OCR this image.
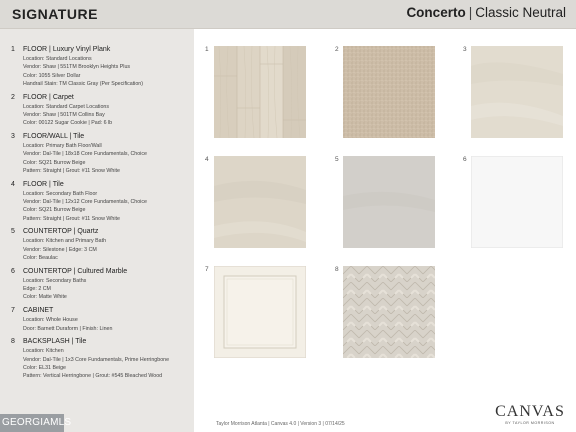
SIGNATURE	Concerto | Classic Neutral
1	FLOOR | Luxury Vinyl Plank
Location: Standard Locations
Vendor: Shaw | 551TM Brooklyn Heights Plus
Color: 1055 Silver Dollar
Handrail Stain: TM Classic Gray (Per Specification)
2	FLOOR | Carpet
Location: Standard Carpet Locations
Vendor: Shaw | 501TM Collins Bay
Color: 00122 Sugar Cookie | Pad: 6 lb
3	FLOOR/WALL | Tile
Location: Primary Bath Floor/Wall
Vendor: Dal-Tile | 18x18 Core Fundamentals, Choice
Color: SQ21 Burrow Beige
Pattern: Straight | Grout: #11 Snow White
4	FLOOR | Tile
Location: Secondary Bath Floor
Vendor: Dal-Tile | 12x12 Core Fundamentals, Choice
Color: SQ21 Burrow Beige
Pattern: Straight | Grout: #11 Snow White
5	COUNTERTOP | Quartz
Location: Kitchen and Primary Bath
Vendor: Silestone | Edge: 3 CM
Color: Beaulac
6	COUNTERTOP | Cultured Marble
Location: Secondary Baths
Edge: 2 CM
Color: Matte White
7	CABINET
Location: Whole House
Door: Barnett Duraform | Finish: Linen
8	BACKSPLASH | Tile
Location: Kitchen
Vendor: Dal-Tile | 1x3 Core Fundamentals, Prime Herringbone
Color: EL31 Beige
Pattern: Vertical Herringbone | Grout: #545 Bleached Wood
GEORGIAMLS
1	2	3
4	5	6
7	8
Taylor Morrison Atlanta | Canvas 4.0 | Version 3 | 07/14/25
CANVAS
BY TAYLOR MORRISON
